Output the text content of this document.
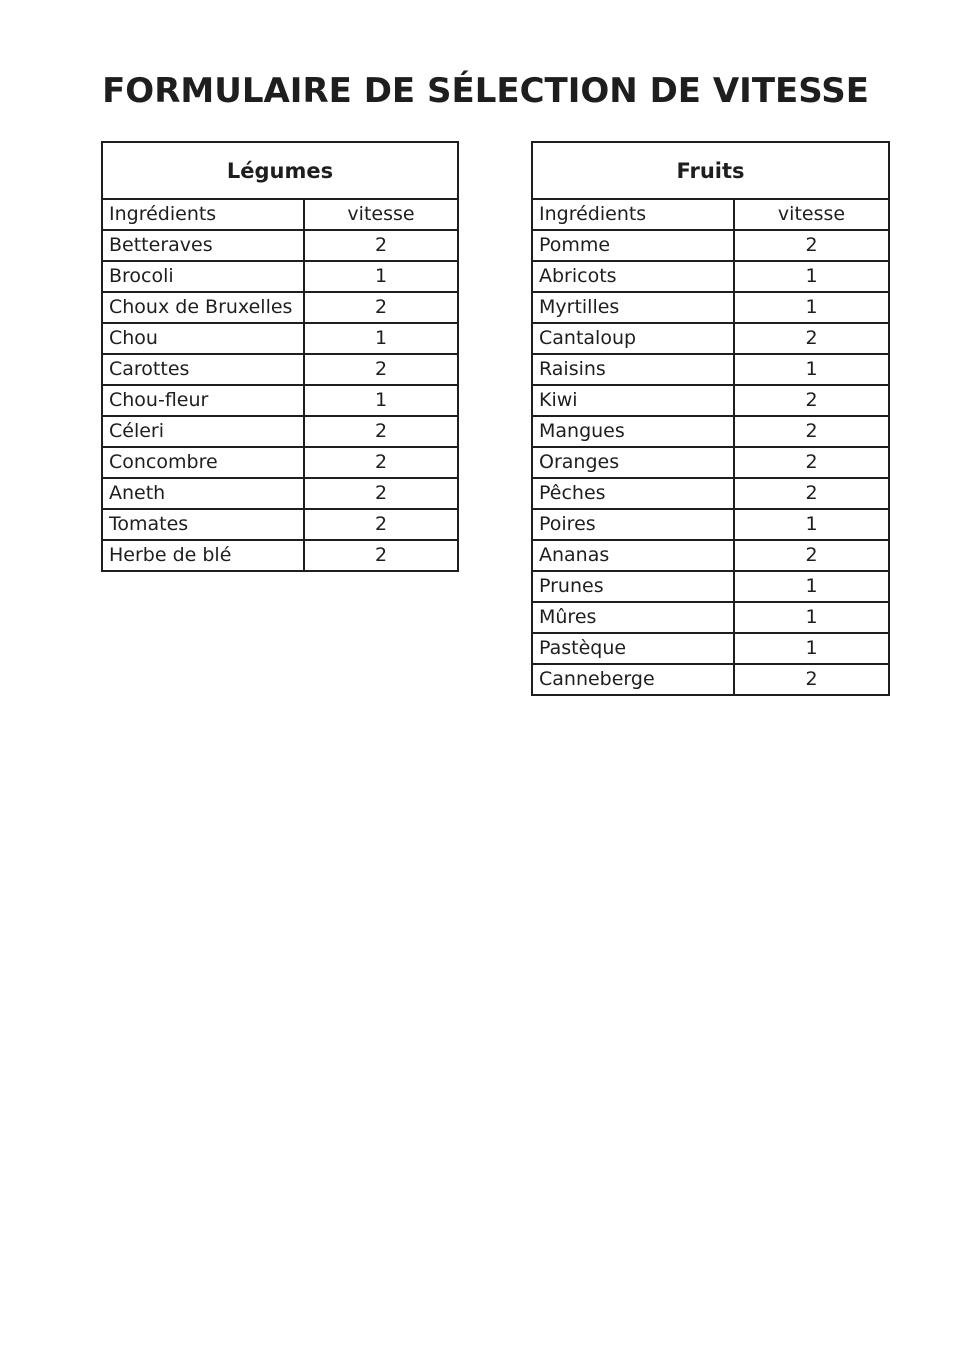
FORMULAIRE DE SÉLECTION DE VITESSE
Légumes	
Ingrédients	vitesse
Betteraves	2
Brocoli	1
Choux de Bruxelles	2
Chou	1
Carottes	2
Chou-fleur	1
Céleri	2
Concombre	2
Aneth	2
Tomates	2
Herbe de blé	2
Fruits	
Ingrédients	vitesse
Pomme	2
Abricots	1
Myrtilles	1
Cantaloup	2
Raisins	1
Kiwi	2
Mangues	2
Oranges	2
Pêches	2
Poires	1
Ananas	2
Prunes	1
Mûres	1
Pastèque	1
Canneberge	2
